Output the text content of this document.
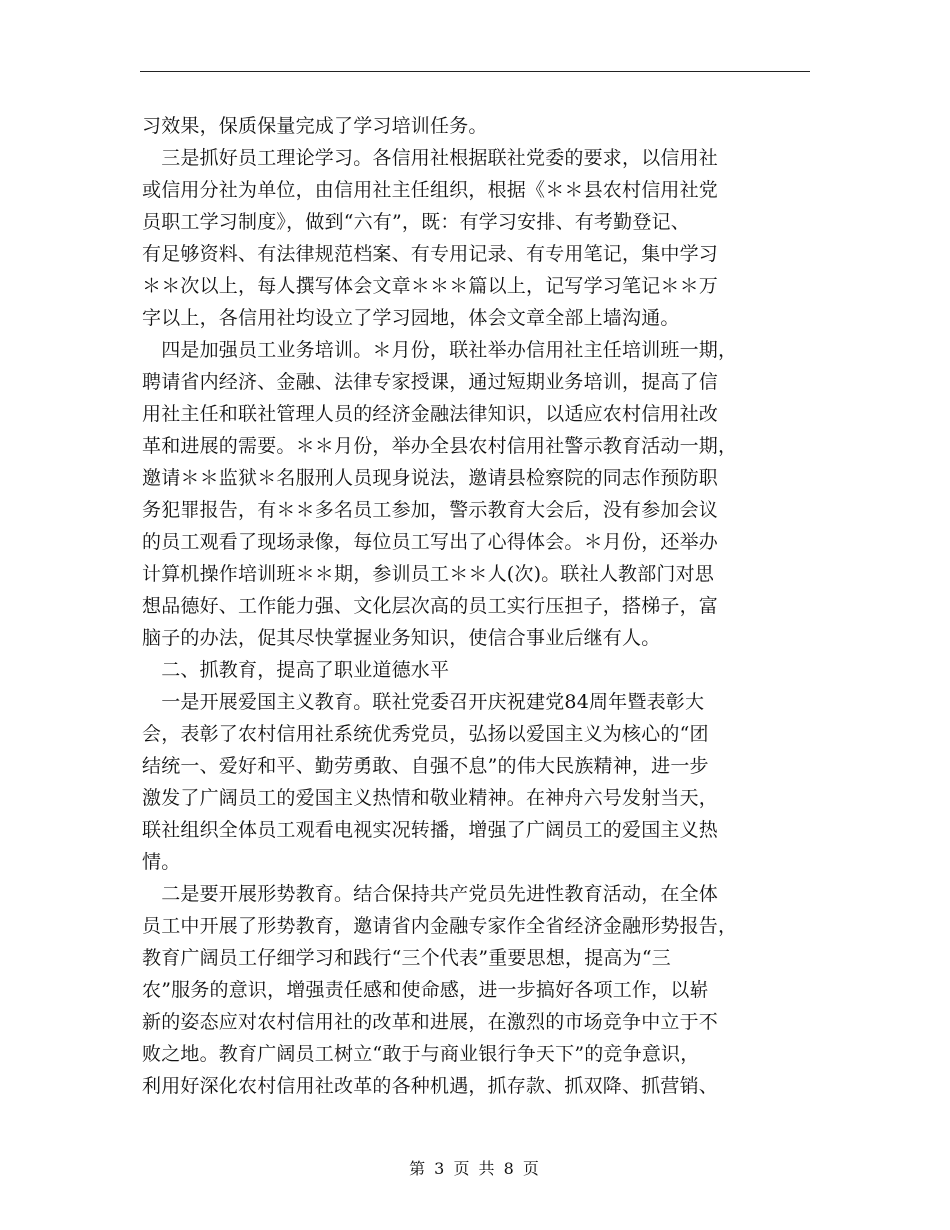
习效果，保质保量完成了学习培训任务。
　三是抓好员工理论学习。各信用社根据联社党委的要求，以信用社
或信用分社为单位，由信用社主任组织，根据《＊＊县农村信用社党
员职工学习制度》，做到“六有”，既：有学习安排、有考勤登记、
有足够资料、有法律规范档案、有专用记录、有专用笔记，集中学习
＊＊次以上，每人撰写体会文章＊＊＊篇以上，记写学习笔记＊＊万
字以上，各信用社均设立了学习园地，体会文章全部上墙沟通。
　四是加强员工业务培训。＊月份，联社举办信用社主任培训班一期，
聘请省内经济、金融、法律专家授课，通过短期业务培训，提高了信
用社主任和联社管理人员的经济金融法律知识，以适应农村信用社改
革和进展的需要。＊＊月份，举办全县农村信用社警示教育活动一期，
邀请＊＊监狱＊名服刑人员现身说法，邀请县检察院的同志作预防职
务犯罪报告，有＊＊多名员工参加，警示教育大会后，没有参加会议
的员工观看了现场录像，每位员工写出了心得体会。＊月份，还举办
计算机操作培训班＊＊期，参训员工＊＊人(次)。联社人教部门对思
想品德好、工作能力强、文化层次高的员工实行压担子，搭梯子，富
脑子的办法，促其尽快掌握业务知识，使信合事业后继有人。
　二、抓教育，提高了职业道德水平
　一是开展爱国主义教育。联社党委召开庆祝建党84周年暨表彰大
会，表彰了农村信用社系统优秀党员，弘扬以爱国主义为核心的“团
结统一、爱好和平、勤劳勇敢、自强不息”的伟大民族精神，进一步
激发了广阔员工的爱国主义热情和敬业精神。在神舟六号发射当天，
联社组织全体员工观看电视实况转播，增强了广阔员工的爱国主义热
情。
　二是要开展形势教育。结合保持共产党员先进性教育活动，在全体
员工中开展了形势教育，邀请省内金融专家作全省经济金融形势报告，
教育广阔员工仔细学习和践行“三个代表”重要思想，提高为“三
农”服务的意识，增强责任感和使命感，进一步搞好各项工作，以崭
新的姿态应对农村信用社的改革和进展，在激烈的市场竞争中立于不
败之地。教育广阔员工树立“敢于与商业银行争天下”的竞争意识，
利用好深化农村信用社改革的各种机遇，抓存款、抓双降、抓营销、
第 3 页 共 8 页
